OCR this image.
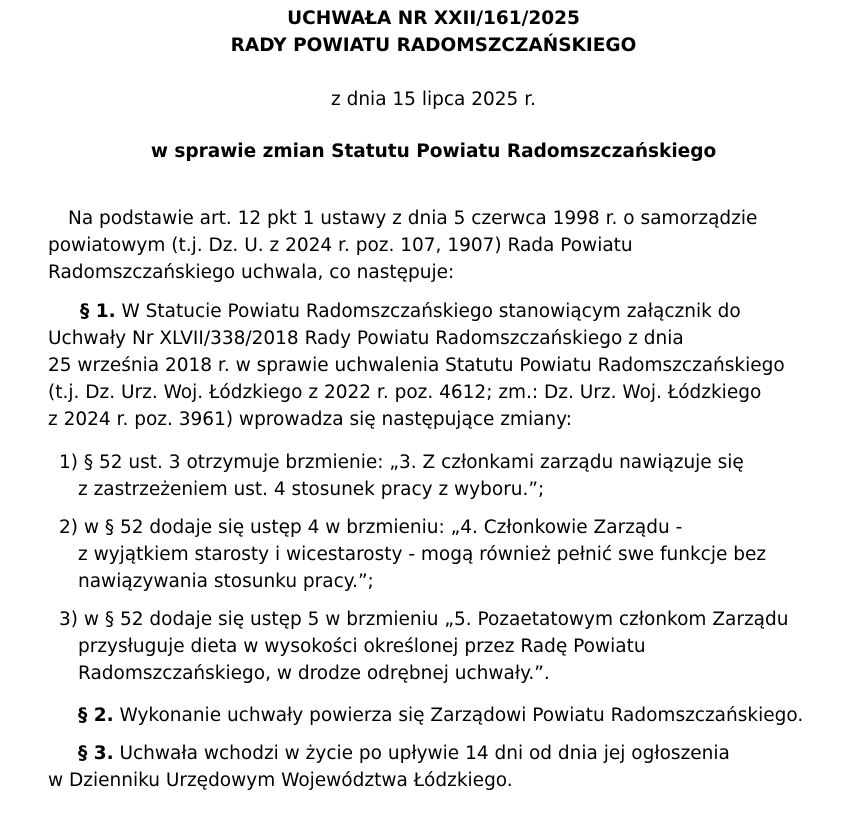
UCHWAŁA NR XXII/161/2025
RADY POWIATU RADOMSZCZAŃSKIEGO
z dnia 15 lipca 2025 r.
w sprawie zmian Statutu Powiatu Radomszczańskiego
Na podstawie art. 12 pkt 1 ustawy z dnia 5 czerwca 1998 r. o samorządzie
powiatowym (t.j. Dz. U. z 2024 r. poz. 107, 1907) Rada Powiatu
Radomszczańskiego uchwala, co następuje:
§ 1. W Statucie Powiatu Radomszczańskiego stanowiącym załącznik do
Uchwały Nr XLVII/338/2018 Rady Powiatu Radomszczańskiego z dnia
25 września 2018 r. w sprawie uchwalenia Statutu Powiatu Radomszczańskiego
(t.j. Dz. Urz. Woj. Łódzkiego z 2022 r. poz. 4612; zm.: Dz. Urz. Woj. Łódzkiego
z 2024 r. poz. 3961) wprowadza się następujące zmiany:
1) § 52 ust. 3 otrzymuje brzmienie: „3. Z członkami zarządu nawiązuje się
z zastrzeżeniem ust. 4 stosunek pracy z wyboru.”;
2) w § 52 dodaje się ustęp 4 w brzmieniu: „4. Członkowie Zarządu -
z wyjątkiem starosty i wicestarosty - mogą również pełnić swe funkcje bez
nawiązywania stosunku pracy.”;
3) w § 52 dodaje się ustęp 5 w brzmieniu „5. Pozaetatowym członkom Zarządu
przysługuje dieta w wysokości określonej przez Radę Powiatu
Radomszczańskiego, w drodze odrębnej uchwały.”.
§ 2. Wykonanie uchwały powierza się Zarządowi Powiatu Radomszczańskiego.
§ 3. Uchwała wchodzi w życie po upływie 14 dni od dnia jej ogłoszenia
w Dzienniku Urzędowym Województwa Łódzkiego.
